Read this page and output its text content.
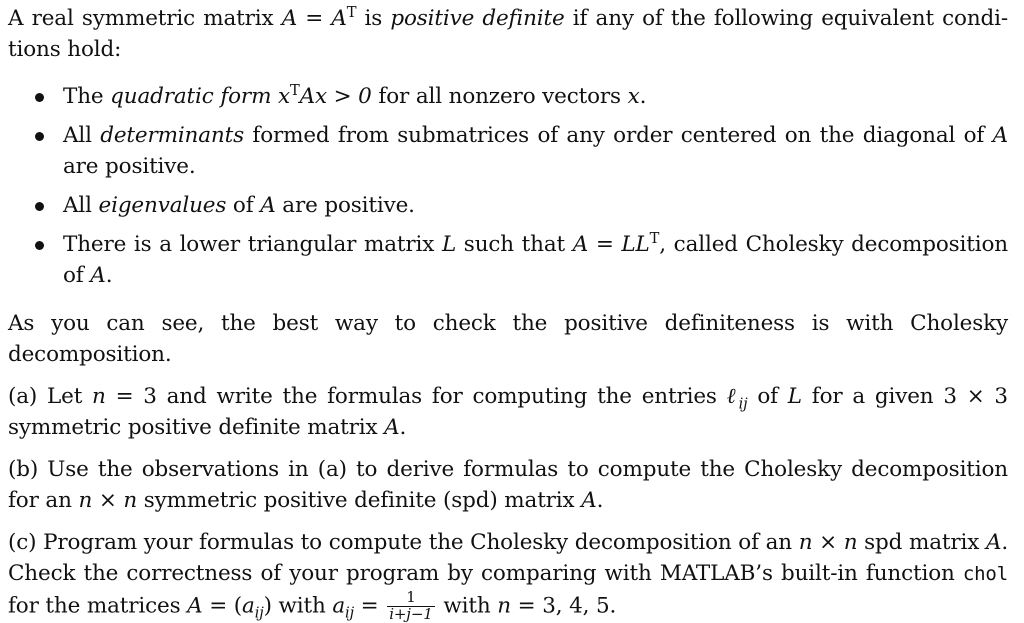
A real symmetric matrix $A = A^T$ is positive definite if any of the following equivalent condi-tions hold:

The quadratic form $x^TAx > 0$ for all nonzero vectors x.
All determinants formed from submatrices of any order centered on the diagonal of A are positive.
All eigenvalues of A are positive.
There is a lower triangular matrix L such that $A = LL^T$, called Cholesky decomposition of A.

As you can see, the best way to check the positive definiteness is with Cholesky decomposition.

(a) Let n = 3 and write the formulas for computing the entries ℓ$_{ij}$ of L for a given 3 × 3 symmetric positive definite matrix A.

(b) Use the observations in (a) to derive formulas to compute the Cholesky decomposition for an n × n symmetric positive definite (spd) matrix A.

(c) Program your formulas to compute the Cholesky decomposition of an n × n spd matrix A. Check the correctness of your program by comparing with MATLAB’s built-in function chol for the matrices $A = (a_{ij})$ with $a_{ij} = \frac{1}{i+j-1}$ with n = 3, 4, 5.
